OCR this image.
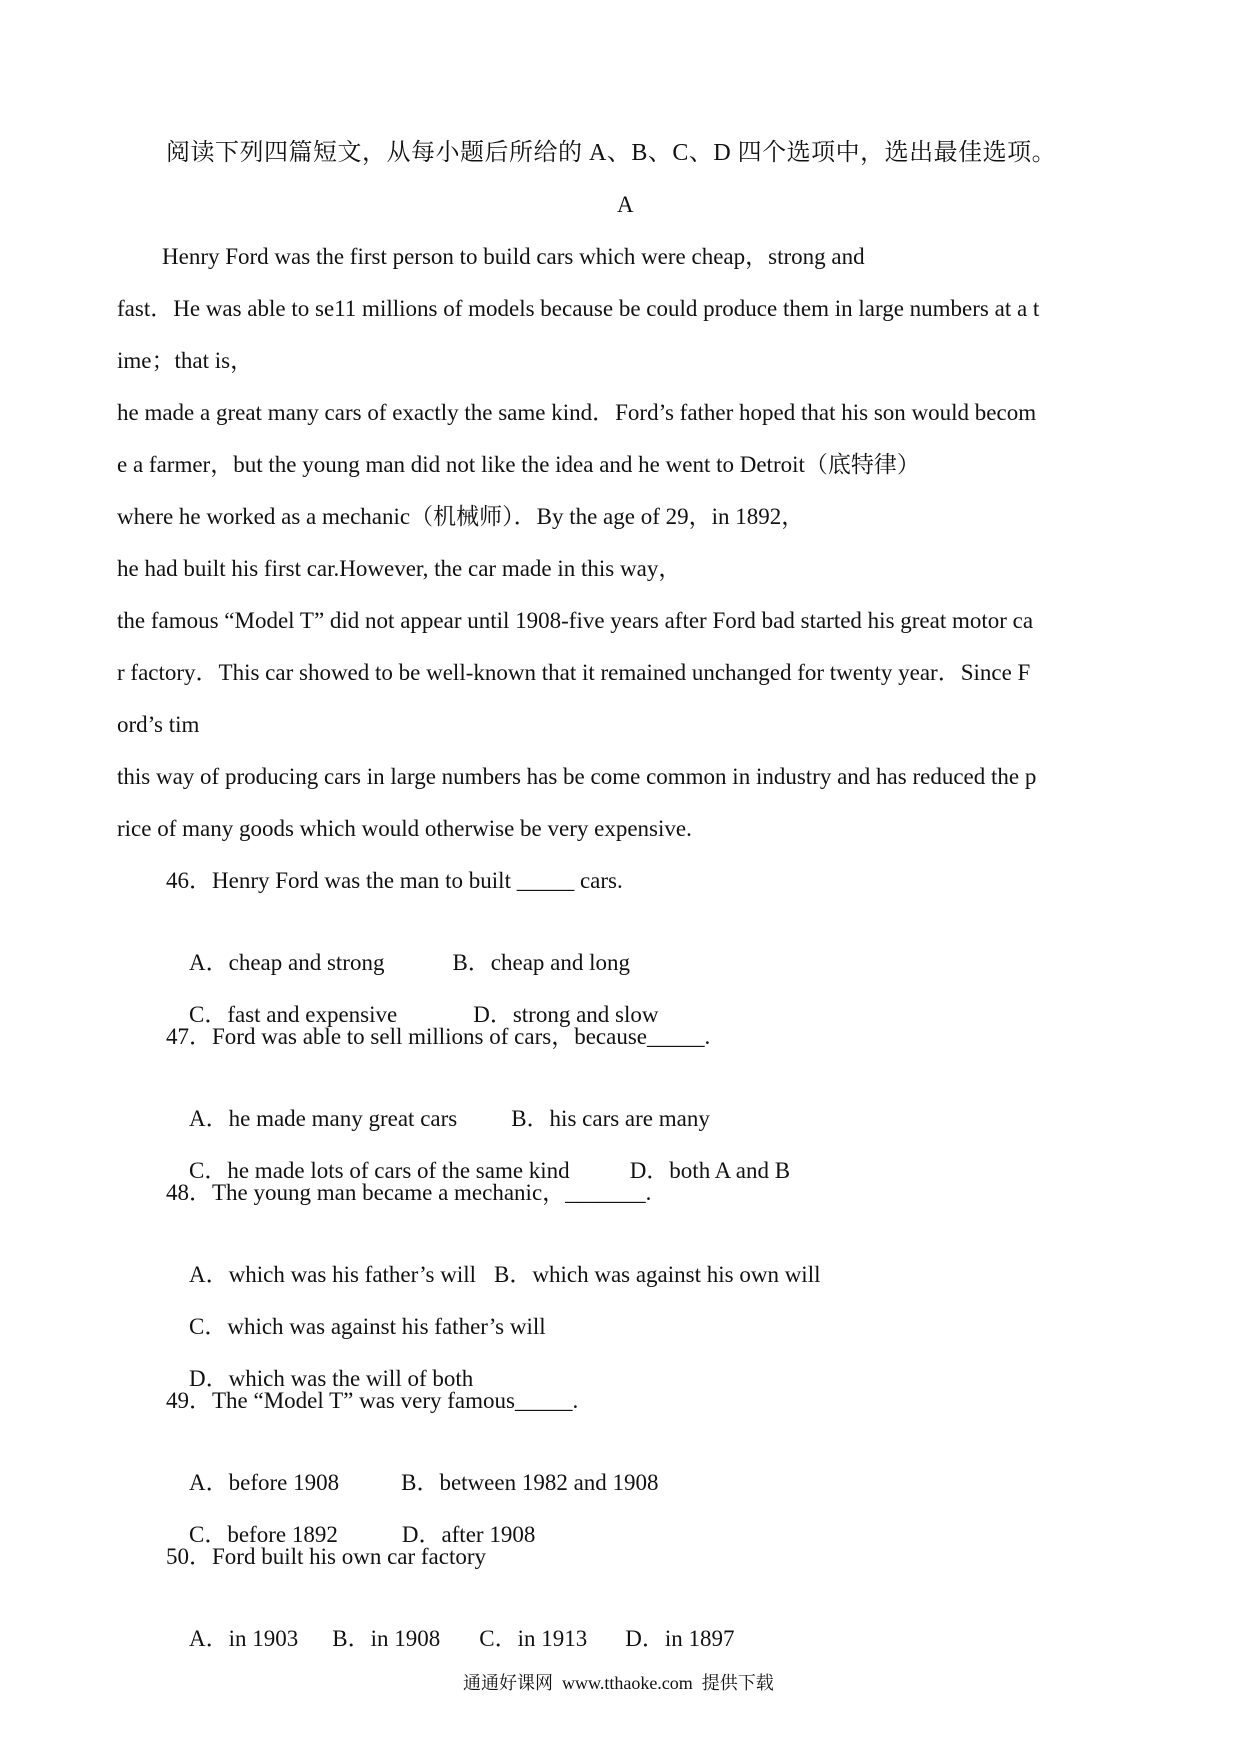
阅读下列四篇短文，从每小题后所给的 A、B、C、D 四个选项中，选出最佳选项。
A
Henry Ford was the first person to build cars which were cheap，strong and
fast．He was able to se11 millions of models because be could produce them in large numbers at a t
ime；that is，
he made a great many cars of exactly the same kind．Ford’s father hoped that his son would becom
e a farmer，but the young man did not like the idea and he went to Detroit（底特律）
where he worked as a mechanic（机械师）．By the age of 29，in 1892，
he had built his first car.However, the car made in this way，
the famous “Model T” did not appear until 1908-five years after Ford bad started his great motor ca
r factory．This car showed to be well-known that it remained unchanged for twenty year．Since F
ord’s tim
this way of producing cars in large numbers has be come common in industry and has reduced the p
rice of many goods which would otherwise be very expensive.
46．Henry Ford was the man to built _____ cars.

A．cheap and strong	B．cheap and long

C．fast and expensive	D．strong and slow

47．Ford was able to sell millions of cars，because_____.

A．he made many great cars B．his cars are many

C．he made lots of cars of the same kind	D．both A and B

48．The young man became a mechanic，_______.

A．which was his father’s will B．which was against his own will

C．which was against his father’s will

D．which was the will of both

49．The “Model T” was very famous_____.

A．before 1908	B．between 1982 and 1908

C．before 1892	D．after 1908

50．Ford built his own car factory

A．in 1903 B．in 1908 C．in 1913 D．in 1897

通通好课网  www.tthaoke.com  提供下载
